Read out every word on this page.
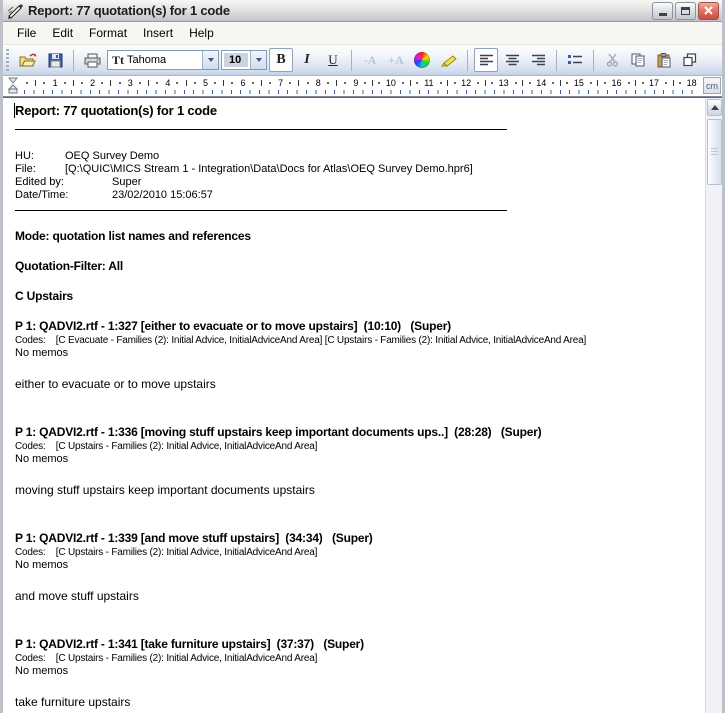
Report: 77 quotation(s) for 1 code
File	Edit	Format	Insert	Help
Tt Tahoma	10	B I U -A +A
1	2	3	4	5	6	7	8	9	10	11	12	13	14	15	16	17	18	cm
Report: 77 quotation(s) for 1 code
HU:	OEQ Survey Demo
File:	[Q:\QUIC\MICS Stream 1 - Integration\Data\Docs for Atlas\OEQ Survey Demo.hpr6]
Edited by:	Super
Date/Time:	23/02/2010 15:06:57
Mode: quotation list names and references
Quotation-Filter: All
C Upstairs
P 1: QADVI2.rtf - 1:327 [either to evacuate or to move upstairs]  (10:10)   (Super)
Codes:    [C Evacuate - Families (2): Initial Advice, InitialAdviceAnd Area] [C Upstairs - Families (2): Initial Advice, InitialAdviceAnd Area]
No memos
either to evacuate or to move upstairs
P 1: QADVI2.rtf - 1:336 [moving stuff upstairs keep important documents ups..]  (28:28)   (Super)
Codes:    [C Upstairs - Families (2): Initial Advice, InitialAdviceAnd Area]
No memos
moving stuff upstairs keep important documents upstairs
P 1: QADVI2.rtf - 1:339 [and move stuff upstairs]  (34:34)   (Super)
Codes:    [C Upstairs - Families (2): Initial Advice, InitialAdviceAnd Area]
No memos
and move stuff upstairs
P 1: QADVI2.rtf - 1:341 [take furniture upstairs]  (37:37)   (Super)
Codes:    [C Upstairs - Families (2): Initial Advice, InitialAdviceAnd Area]
No memos
take furniture upstairs
